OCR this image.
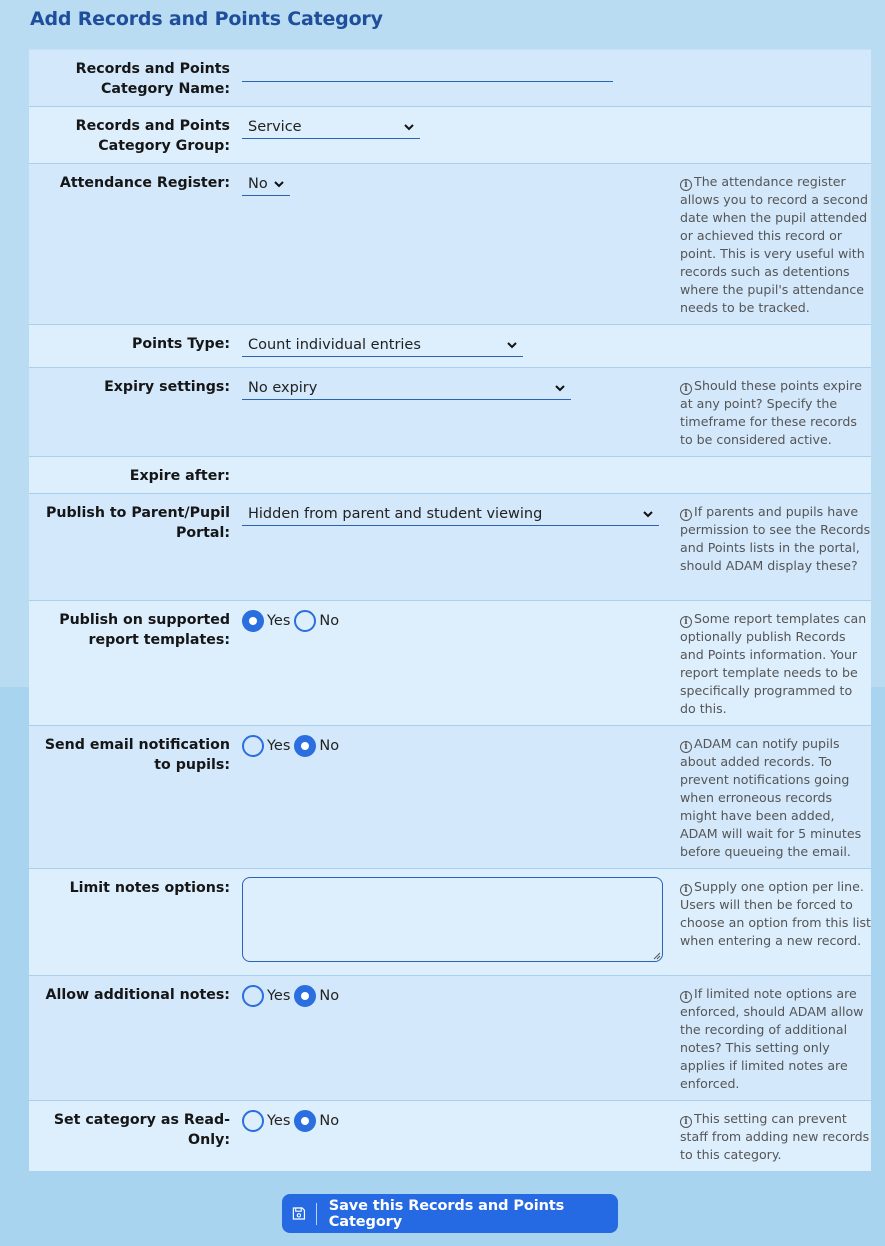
Add Records and Points Category
Records and Points Category Name:
Records and Points Category Group:
Service
Attendance Register: No	i The attendance register allows you to record a second date when the pupil attended or achieved this record or point. This is very useful with records such as detentions where the pupil's attendance needs to be tracked.
Points Type: Count individual entries
Expiry settings: No expiry	i Should these points expire at any point? Specify the timeframe for these records to be considered active.
Expire after:
Publish to Parent/Pupil Portal:
Hidden from parent and student viewing	i If parents and pupils have permission to see the Records and Points lists in the portal, should ADAM display these?
Publish on supported report templates:
Yes No	i Some report templates can optionally publish Records and Points information. Your report template needs to be specifically programmed to do this.
Send email notification to pupils:
Yes No	i ADAM can notify pupils about added records. To prevent notifications going when erroneous records might have been added, ADAM will wait for 5 minutes before queueing the email.
Limit notes options:	i Supply one option per line. Users will then be forced to choose an option from this list when entering a new record.
Allow additional notes:	Yes No	i If limited note options are enforced, should ADAM allow the recording of additional notes? This setting only applies if limited notes are enforced.
Set category as Read-Only:
Yes No	i This setting can prevent staff from adding new records to this category.
Save this Records and Points Category
